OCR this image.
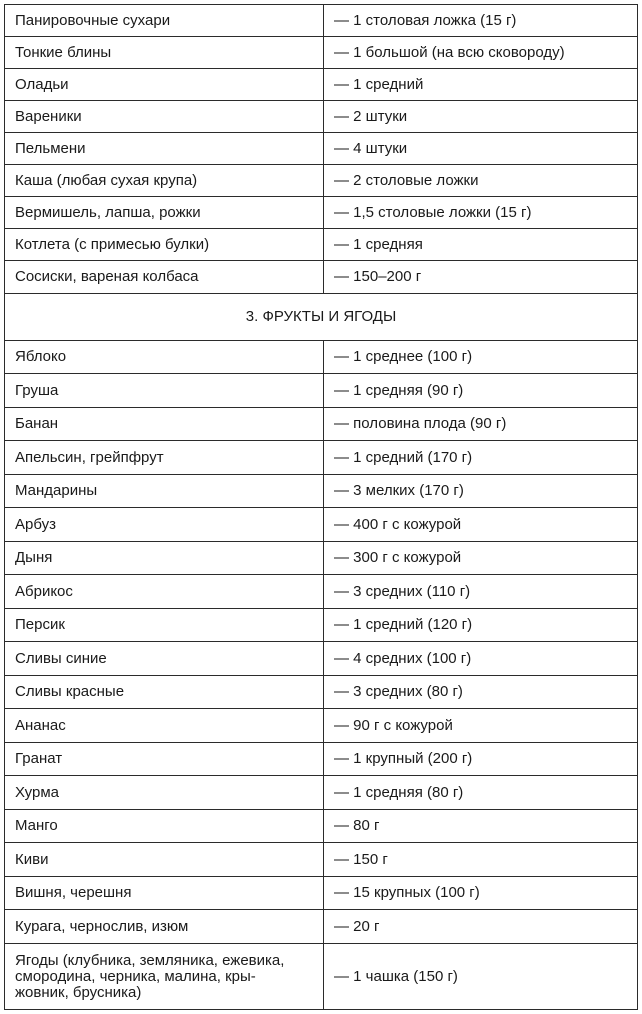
Панировочные сухари	— 1 столовая ложка (15 г)
Тонкие блины	— 1 большой (на всю сковороду)
Оладьи	— 1 средний
Вареники	— 2 штуки
Пельмени	— 4 штуки
Каша (любая сухая крупа)	— 2 столовые ложки
Вермишель, лапша, рожки	— 1,5 столовые ложки (15 г)
Котлета (с примесью булки)	— 1 средняя
Сосиски, вареная колбаса	— 150–200 г
3. ФРУКТЫ И ЯГОДЫ	
Яблоко	— 1 среднее (100 г)
Груша	— 1 средняя (90 г)
Банан	— половина плода (90 г)
Апельсин, грейпфрут	— 1 средний (170 г)
Мандарины	— 3 мелких (170 г)
Арбуз	— 400 г с кожурой
Дыня	— 300 г с кожурой
Абрикос	— 3 средних (110 г)
Персик	— 1 средний (120 г)
Сливы синие	— 4 средних (100 г)
Сливы красные	— 3 средних (80 г)
Ананас	— 90 г с кожурой
Гранат	— 1 крупный (200 г)
Хурма	— 1 средняя (80 г)
Манго	— 80 г
Киви	— 150 г
Вишня, черешня	— 15 крупных (100 г)
Курага, чернослив, изюм	— 20 г

Ягоды (клубника, земляника, ежевика,
смородина, черника, малина, кры-
жовник, брусника)	— 1 чашка (150 г)
